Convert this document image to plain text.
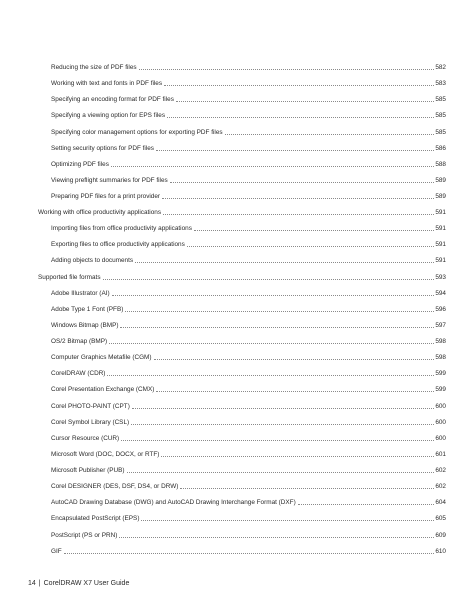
Reducing the size of PDF files	582
Working with text and fonts in PDF files	583
Specifying an encoding format for PDF files	585
Specifying a viewing option for EPS files	585
Specifying color management options for exporting PDF files	585
Setting security options for PDF files	586
Optimizing PDF files	588
Viewing preflight summaries for PDF files	589
Preparing PDF files for a print provider	589
Working with office productivity applications	591
Importing files from office productivity applications	591
Exporting files to office productivity applications	591
Adding objects to documents	591
Supported file formats	593
Adobe Illustrator (AI)	594
Adobe Type 1 Font (PFB)	596
Windows Bitmap (BMP)	597
OS/2 Bitmap (BMP)	598
Computer Graphics Metafile (CGM)	598
CorelDRAW (CDR)	599
Corel Presentation Exchange (CMX)	599
Corel PHOTO-PAINT (CPT)	600
Corel Symbol Library (CSL)	600
Cursor Resource (CUR)	600
Microsoft Word (DOC, DOCX, or RTF)	601
Microsoft Publisher (PUB)	602
Corel DESIGNER (DES, DSF, DS4, or DRW)	602
AutoCAD Drawing Database (DWG) and AutoCAD Drawing Interchange Format (DXF)	604
Encapsulated PostScript (EPS)	605
PostScript (PS or PRN)	609
GIF	610
14 | CorelDRAW X7 User Guide
